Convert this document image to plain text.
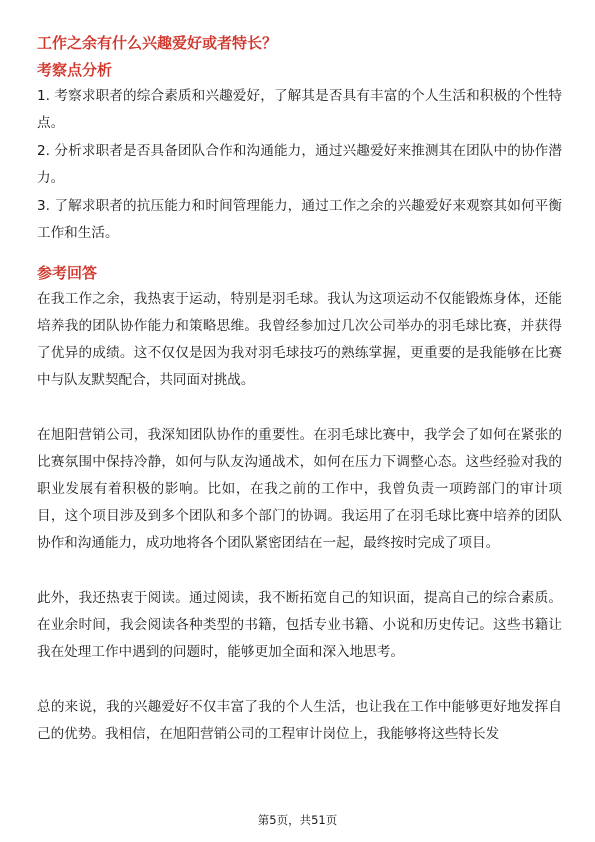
工作之余有什么兴趣爱好或者特长？
考察点分析
1. 考察求职者的综合素质和兴趣爱好，了解其是否具有丰富的个人生活和积极的个性特点。
2. 分析求职者是否具备团队合作和沟通能力，通过兴趣爱好来推测其在团队中的协作潜力。
3. 了解求职者的抗压能力和时间管理能力，通过工作之余的兴趣爱好来观察其如何平衡工作和生活。
参考回答
在我工作之余，我热衷于运动，特别是羽毛球。我认为这项运动不仅能锻炼身体，还能培养我的团队协作能力和策略思维。我曾经参加过几次公司举办的羽毛球比赛，并获得了优异的成绩。这不仅仅是因为我对羽毛球技巧的熟练掌握，更重要的是我能够在比赛中与队友默契配合，共同面对挑战。
在旭阳营销公司，我深知团队协作的重要性。在羽毛球比赛中，我学会了如何在紧张的比赛氛围中保持冷静，如何与队友沟通战术，如何在压力下调整心态。这些经验对我的职业发展有着积极的影响。比如，在我之前的工作中，我曾负责一项跨部门的审计项目，这个项目涉及到多个团队和多个部门的协调。我运用了在羽毛球比赛中培养的团队协作和沟通能力，成功地将各个团队紧密团结在一起，最终按时完成了项目。
此外，我还热衷于阅读。通过阅读，我不断拓宽自己的知识面，提高自己的综合素质。在业余时间，我会阅读各种类型的书籍，包括专业书籍、小说和历史传记。这些书籍让我在处理工作中遇到的问题时，能够更加全面和深入地思考。
总的来说，我的兴趣爱好不仅丰富了我的个人生活，也让我在工作中能够更好地发挥自己的优势。我相信，在旭阳营销公司的工程审计岗位上，我能够将这些特长发
第5页，共51页
